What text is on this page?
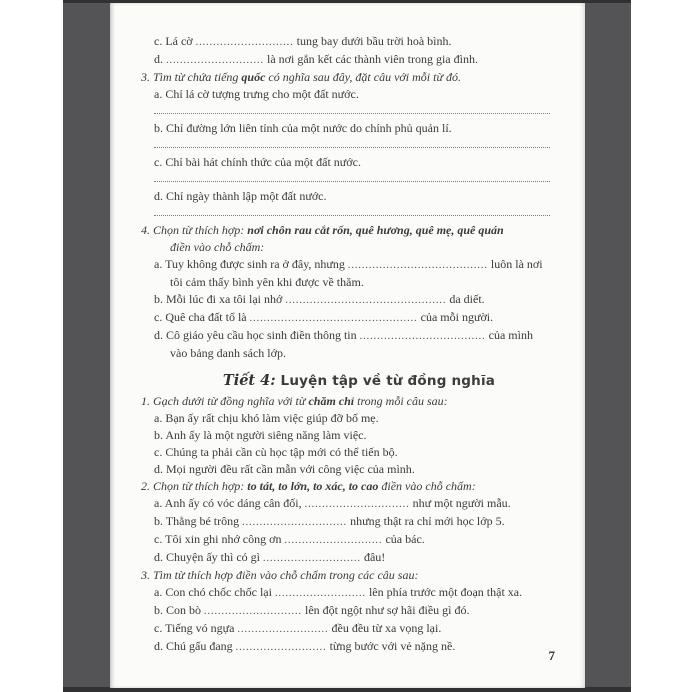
c. Lá cờ ............................ tung bay dưới bầu trời hoà bình.
d. ............................ là nơi gắn kết các thành viên trong gia đình.
3. Tìm từ chứa tiếng quốc có nghĩa sau đây, đặt câu với mỗi từ đó.
a. Chỉ lá cờ tượng trưng cho một đất nước.
b. Chỉ đường lớn liên tỉnh của một nước do chính phủ quản lí.
c. Chỉ bài hát chính thức của một đất nước.
d. Chỉ ngày thành lập một đất nước.
4. Chọn từ thích hợp: nơi chôn rau cắt rốn, quê hương, quê mẹ, quê quán
điền vào chỗ chấm:
a. Tuy không được sinh ra ở đây, nhưng ........................................ luôn là nơi
tôi cảm thấy bình yên khi được về thăm.
b. Mỗi lúc đi xa tôi lại nhớ .............................................. da diết.
c. Quê cha đất tổ là ................................................ của mỗi người.
d. Cô giáo yêu cầu học sinh điền thông tin .................................... của mình
vào bảng danh sách lớp.
Tiết 4: Luyện tập về từ đồng nghĩa
1. Gạch dưới từ đồng nghĩa với từ chăm chỉ trong mỗi câu sau:
a. Bạn ấy rất chịu khó làm việc giúp đỡ bố mẹ.
b. Anh ấy là một người siêng năng làm việc.
c. Chúng ta phải cần cù học tập mới có thể tiến bộ.
d. Mọi người đều rất cần mẫn với công việc của mình.
2. Chọn từ thích hợp: to tát, to lớn, to xác, to cao điền vào chỗ chấm:
a. Anh ấy có vóc dáng cân đối, .............................. như một người mẫu.
b. Thằng bé trông .............................. nhưng thật ra chỉ mới học lớp 5.
c. Tôi xin ghi nhớ công ơn ............................ của bác.
d. Chuyện ấy thì có gì ............................ đâu!
3. Tìm từ thích hợp điền vào chỗ chấm trong các câu sau:
a. Con chó chốc chốc lại .......................... lên phía trước một đoạn thật xa.
b. Con bò ............................ lên đột ngột như sợ hãi điều gì đó.
c. Tiếng vó ngựa .......................... đều đều từ xa vọng lại.
d. Chú gấu đang .......................... từng bước với vẻ nặng nề.
7
